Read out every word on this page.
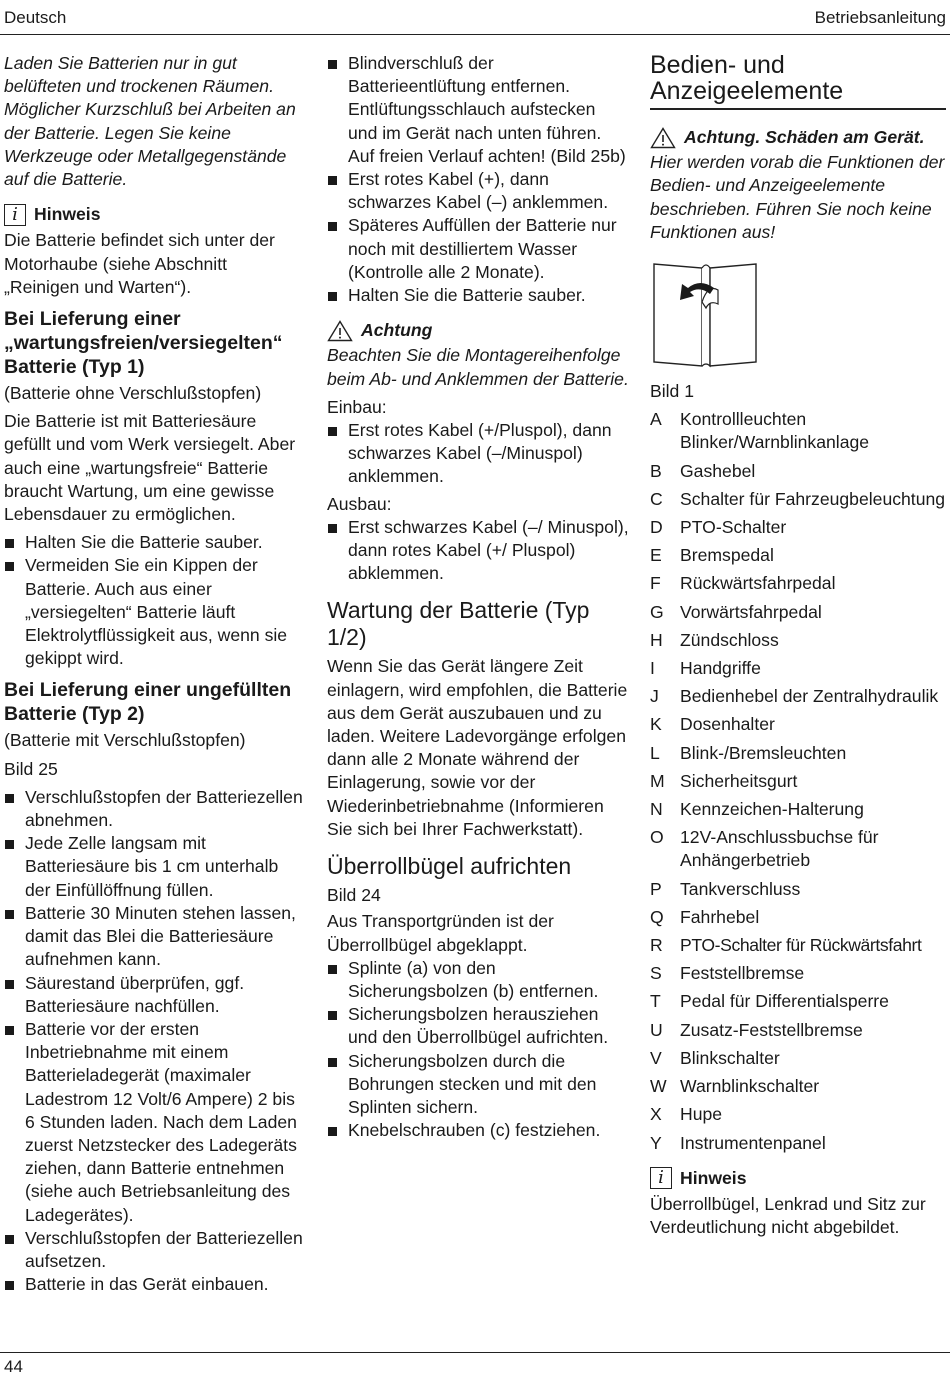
Deutsch	Betriebsanleitung
44

Laden Sie Batterien nur in gut belüfteten und trockenen Räumen. Möglicher Kurzschluß bei Arbeiten an der Batterie. Legen Sie keine Werkzeuge oder Metallgegenstände auf die Batterie.

i Hinweis

Die Batterie befindet sich unter der Motorhaube (siehe Abschnitt „Reinigen und Warten“).

Bei Lieferung einer „wartungsfreien/versiegelten“ Batterie (Typ 1)

(Batterie ohne Verschlußstopfen)

Die Batterie ist mit Batteriesäure gefüllt und vom Werk versiegelt. Aber auch eine „wartungsfreie“ Batterie braucht Wartung, um eine gewisse Lebensdauer zu ermöglichen.

Halten Sie die Batterie sauber.
Vermeiden Sie ein Kippen der Batterie. Auch aus einer „versiegelten“ Batterie läuft Elektrolytflüssigkeit aus, wenn sie gekippt wird.
Bei Lieferung einer ungefüllten Batterie (Typ 2)

(Batterie mit Verschlußstopfen)

Bild 25

Verschlußstopfen der Batteriezellen abnehmen.
Jede Zelle langsam mit Batteriesäure bis 1 cm unterhalb der Einfüllöffnung füllen.
Batterie 30 Minuten stehen lassen, damit das Blei die Batteriesäure aufnehmen kann.
Säurestand überprüfen, ggf. Batteriesäure nachfüllen.
Batterie vor der ersten Inbetriebnahme mit einem Batterieladegerät (maximaler Ladestrom 12 Volt/6 Ampere) 2 bis 6 Stunden laden. Nach dem Laden zuerst Netzstecker des Ladegeräts ziehen, dann Batterie entnehmen (siehe auch Betriebsanleitung des Ladegerätes).
Verschlußstopfen der Batteriezellen aufsetzen.
Batterie in das Gerät einbauen.
Blindverschluß der Batterieentlüftung entfernen. Entlüftungsschlauch aufstecken und im Gerät nach unten führen. Auf freien Verlauf achten! (Bild 25b)
Erst rotes Kabel (+), dann schwarzes Kabel (–) anklemmen.
Späteres Auffüllen der Batterie nur noch mit destilliertem Wasser (Kontrolle alle 2 Monate).
Halten Sie die Batterie sauber.
Achtung

Beachten Sie die Montagereihenfolge beim Ab- und Anklemmen der Batterie.

Einbau:

Erst rotes Kabel (+/Pluspol), dann schwarzes Kabel (–/Minuspol) anklemmen.

Ausbau:

Erst schwarzes Kabel (–/ Minuspol), dann rotes Kabel (+/ Pluspol) abklemmen.
Wartung der Batterie (Typ 1/2)

Wenn Sie das Gerät längere Zeit einlagern, wird empfohlen, die Batterie aus dem Gerät auszubauen und zu laden. Weitere Ladevorgänge erfolgen dann alle 2 Monate während der Einlagerung, sowie vor der Wiederinbetriebnahme (Informieren Sie sich bei Ihrer Fachwerkstatt).

Überrollbügel aufrichten

Bild 24

Aus Transportgründen ist der Überrollbügel abgeklappt.

Splinte (a) von den Sicherungsbolzen (b) entfernen.
Sicherungsbolzen herausziehen und den Überrollbügel aufrichten.
Sicherungsbolzen durch die Bohrungen stecken und mit den Splinten sichern.
Knebelschrauben (c) festziehen.
Bedien- und Anzeigeelemente
Achtung. Schäden am Gerät.

Hier werden vorab die Funktionen der Bedien- und Anzeigeelemente beschrieben. Führen Sie noch keine Funktionen aus!

Bild 1

A	Kontrollleuchten Blinker/Warnblinkanlage
B	Gashebel
C Schalter für Fahrzeugbeleuchtung
D PTO-Schalter
E	Bremspedal
F	Rückwärtsfahrpedal
G Vorwärtsfahrpedal
H Zündschloss
I	Handgriffe
J	Bedienhebel der Zentralhydraulik
K	Dosenhalter
L	Blink-/Bremsleuchten
M Sicherheitsgurt
N Kennzeichen-Halterung
O 12V-Anschlussbuchse für Anhängerbetrieb
P	Tankverschluss
Q Fahrhebel
R PTO-Schalter für Rückwärtsfahrt
S	Feststellbremse
T	Pedal für Differentialsperre
U Zusatz-Feststellbremse
V	Blinkschalter
W Warnblinkschalter
X	Hupe
Y	Instrumentenpanel
i Hinweis

Überrollbügel, Lenkrad und Sitz zur Verdeutlichung nicht abgebildet.
